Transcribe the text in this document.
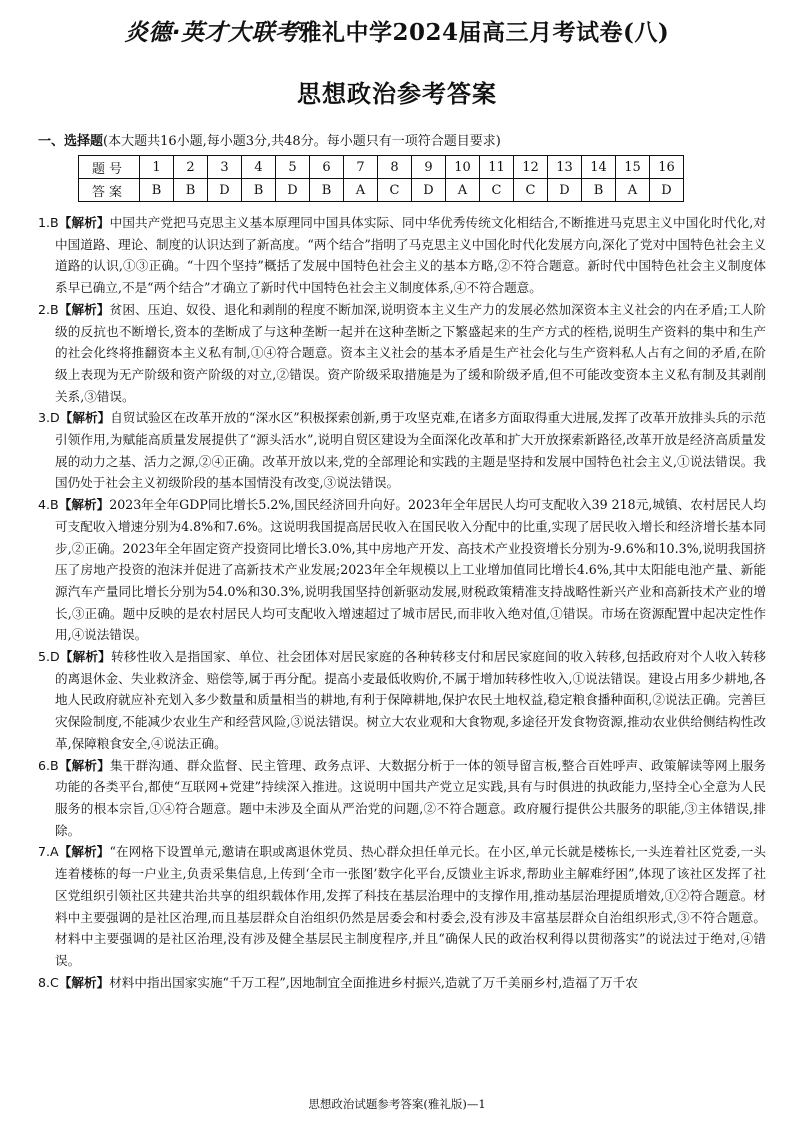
炎德·英才大联考雅礼中学2024届高三月考试卷(八)
思想政治参考答案
一、选择题(本大题共16小题,每小题3分,共48分。每小题只有一项符合题目要求)
题号	1	2	3	4	5	6	7	8	9	10	11	12	13	14	15	16
答案	B	B	D	B	D	B	A	C	D	A	C	C	D	B	A	D

1.B【解析】中国共产党把马克思主义基本原理同中国具体实际、同中华优秀传统文化相结合,不断推进马克思主义中国化时代化,对中国道路、理论、制度的认识达到了新高度。“两个结合”指明了马克思主义中国化时代化发展方向,深化了党对中国特色社会主义道路的认识,①③正确。“十四个坚持”概括了发展中国特色社会主义的基本方略,②不符合题意。新时代中国特色社会主义制度体系早已确立,不是“两个结合”才确立了新时代中国特色社会主义制度体系,④不符合题意。

2.B【解析】贫困、压迫、奴役、退化和剥削的程度不断加深,说明资本主义生产力的发展必然加深资本主义社会的内在矛盾;工人阶级的反抗也不断增长,资本的垄断成了与这种垄断一起并在这种垄断之下繁盛起来的生产方式的桎梏,说明生产资料的集中和生产的社会化终将推翻资本主义私有制,①④符合题意。资本主义社会的基本矛盾是生产社会化与生产资料私人占有之间的矛盾,在阶级上表现为无产阶级和资产阶级的对立,②错误。资产阶级采取措施是为了缓和阶级矛盾,但不可能改变资本主义私有制及其剥削关系,③错误。

3.D【解析】自贸试验区在改革开放的“深水区”积极探索创新,勇于攻坚克难,在诸多方面取得重大进展,发挥了改革开放排头兵的示范引领作用,为赋能高质量发展提供了“源头活水”,说明自贸区建设为全面深化改革和扩大开放探索新路径,改革开放是经济高质量发展的动力之基、活力之源,②④正确。改革开放以来,党的全部理论和实践的主题是坚持和发展中国特色社会主义,①说法错误。我国仍处于社会主义初级阶段的基本国情没有改变,③说法错误。

4.B【解析】2023年全年GDP同比增长5.2%,国民经济回升向好。2023年全年居民人均可支配收入39 218元,城镇、农村居民人均可支配收入增速分别为4.8%和7.6%。这说明我国提高居民收入在国民收入分配中的比重,实现了居民收入增长和经济增长基本同步,②正确。2023年全年固定资产投资同比增长3.0%,其中房地产开发、高技术产业投资增长分别为-9.6%和10.3%,说明我国挤压了房地产投资的泡沫并促进了高新技术产业发展;2023年全年规模以上工业增加值同比增长4.6%,其中太阳能电池产量、新能源汽车产量同比增长分别为54.0%和30.3%,说明我国坚持创新驱动发展,财税政策精准支持战略性新兴产业和高新技术产业的增长,③正确。题中反映的是农村居民人均可支配收入增速超过了城市居民,而非收入绝对值,①错误。市场在资源配置中起决定性作用,④说法错误。

5.D【解析】转移性收入是指国家、单位、社会团体对居民家庭的各种转移支付和居民家庭间的收入转移,包括政府对个人收入转移的离退休金、失业救济金、赔偿等,属于再分配。提高小麦最低收购价,不属于增加转移性收入,①说法错误。建设占用多少耕地,各地人民政府就应补充划入多少数量和质量相当的耕地,有利于保障耕地,保护农民土地权益,稳定粮食播种面积,②说法正确。完善巨灾保险制度,不能减少农业生产和经营风险,③说法错误。树立大农业观和大食物观,多途径开发食物资源,推动农业供给侧结构性改革,保障粮食安全,④说法正确。

6.B【解析】集干群沟通、群众监督、民主管理、政务点评、大数据分析于一体的领导留言板,整合百姓呼声、政策解读等网上服务功能的各类平台,都使“互联网+党建”持续深入推进。这说明中国共产党立足实践,具有与时俱进的执政能力,坚持全心全意为人民服务的根本宗旨,①④符合题意。题中未涉及全面从严治党的问题,②不符合题意。政府履行提供公共服务的职能,③主体错误,排除。

7.A【解析】“在网格下设置单元,邀请在职或离退休党员、热心群众担任单元长。在小区,单元长就是楼栋长,一头连着社区党委,一头连着楼栋的每一户业主,负责采集信息,上传到‘全市一张图’数字化平台,反馈业主诉求,帮助业主解难纾困”,体现了该社区发挥了社区党组织引领社区共建共治共享的组织载体作用,发挥了科技在基层治理中的支撑作用,推动基层治理提质增效,①②符合题意。材料中主要强调的是社区治理,而且基层群众自治组织仍然是居委会和村委会,没有涉及丰富基层群众自治组织形式,③不符合题意。材料中主要强调的是社区治理,没有涉及健全基层民主制度程序,并且“确保人民的政治权利得以贯彻落实”的说法过于绝对,④错误。

8.C【解析】材料中指出国家实施“千万工程”,因地制宜全面推进乡村振兴,造就了万千美丽乡村,造福了万千农

思想政治试题参考答案(雅礼版)—1
